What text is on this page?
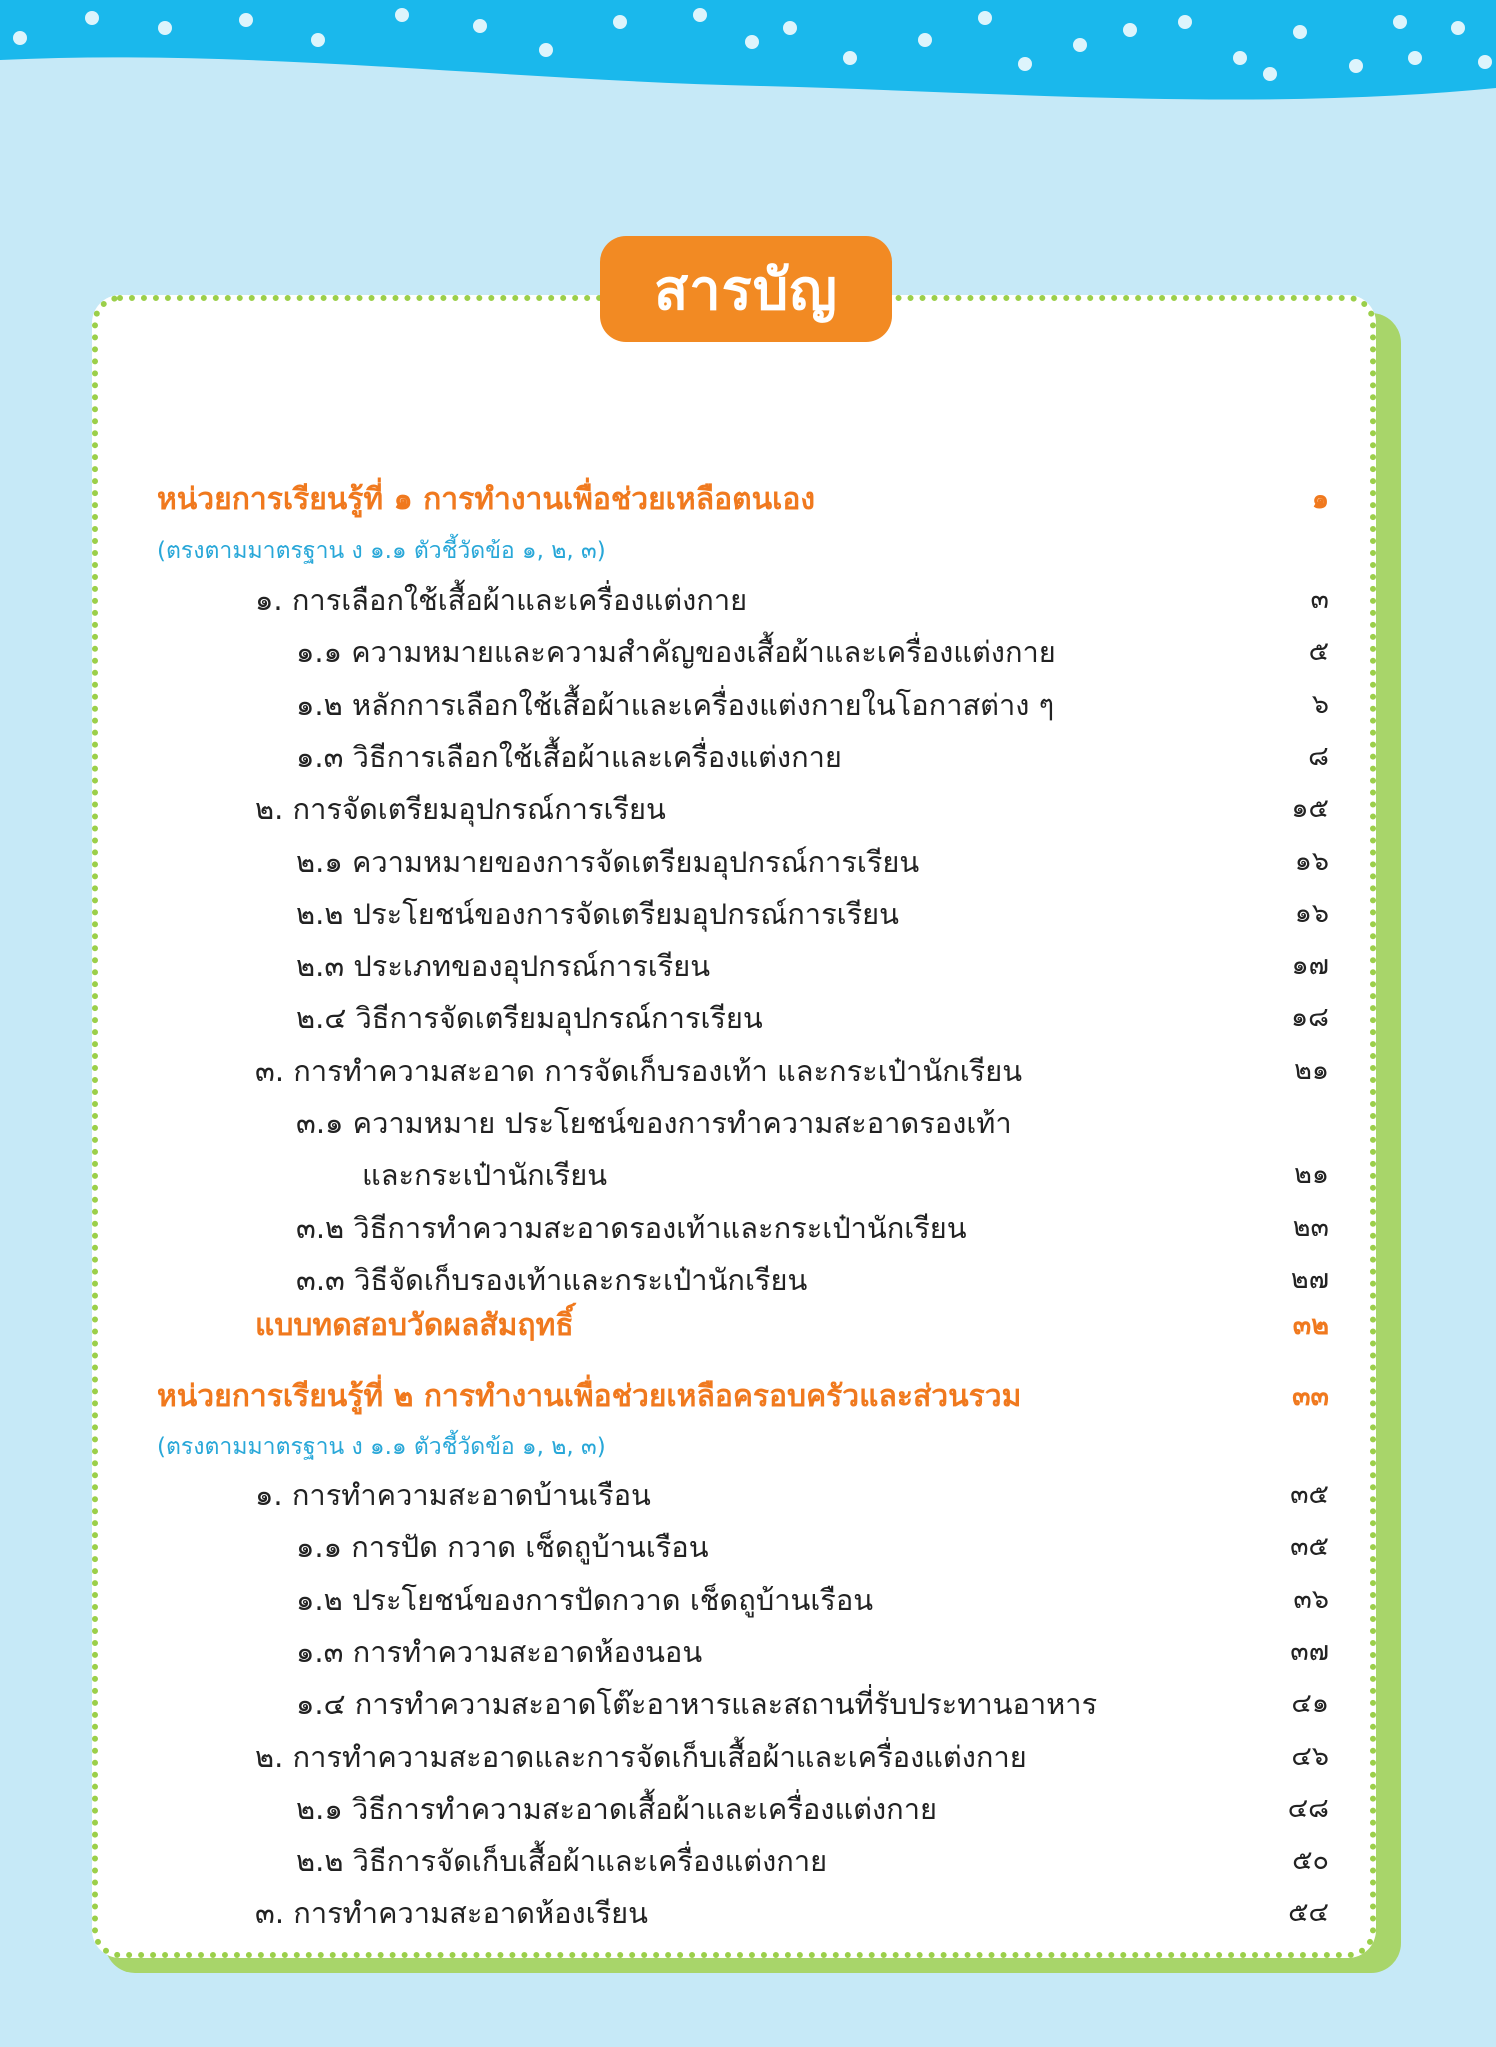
สารบัญ
หน่วยการเรียนรู้ที่ ๑ การทำงานเพื่อช่วยเหลือตนเอง	๑
(ตรงตามมาตรฐาน ง ๑.๑ ตัวชี้วัดข้อ ๑, ๒, ๓)
๑. การเลือกใช้เสื้อผ้าและเครื่องแต่งกาย	๓
๑.๑ ความหมายและความสำคัญของเสื้อผ้าและเครื่องแต่งกาย	๕
๑.๒ หลักการเลือกใช้เสื้อผ้าและเครื่องแต่งกายในโอกาสต่าง ๆ	๖
๑.๓ วิธีการเลือกใช้เสื้อผ้าและเครื่องแต่งกาย	๘
๒. การจัดเตรียมอุปกรณ์การเรียน	๑๕
๒.๑ ความหมายของการจัดเตรียมอุปกรณ์การเรียน	๑๖
๒.๒ ประโยชน์ของการจัดเตรียมอุปกรณ์การเรียน	๑๖
๒.๓ ประเภทของอุปกรณ์การเรียน	๑๗
๒.๔ วิธีการจัดเตรียมอุปกรณ์การเรียน	๑๘
๓. การทำความสะอาด การจัดเก็บรองเท้า และกระเป๋านักเรียน	๒๑
๓.๑ ความหมาย ประโยชน์ของการทำความสะอาดรองเท้า
และกระเป๋านักเรียน	๒๑
๓.๒ วิธีการทำความสะอาดรองเท้าและกระเป๋านักเรียน	๒๓
๓.๓ วิธีจัดเก็บรองเท้าและกระเป๋านักเรียน	๒๗
แบบทดสอบวัดผลสัมฤทธิ์	๓๒
หน่วยการเรียนรู้ที่ ๒ การทำงานเพื่อช่วยเหลือครอบครัวและส่วนรวม	๓๓
(ตรงตามมาตรฐาน ง ๑.๑ ตัวชี้วัดข้อ ๑, ๒, ๓)
๑. การทำความสะอาดบ้านเรือน	๓๕
๑.๑ การปัด กวาด เช็ดถูบ้านเรือน	๓๕
๑.๒ ประโยชน์ของการปัดกวาด เช็ดถูบ้านเรือน	๓๖
๑.๓ การทำความสะอาดห้องนอน	๓๗
๑.๔ การทำความสะอาดโต๊ะอาหารและสถานที่รับประทานอาหาร	๔๑
๒. การทำความสะอาดและการจัดเก็บเสื้อผ้าและเครื่องแต่งกาย	๔๖
๒.๑ วิธีการทำความสะอาดเสื้อผ้าและเครื่องแต่งกาย	๔๘
๒.๒ วิธีการจัดเก็บเสื้อผ้าและเครื่องแต่งกาย	๕๐
๓. การทำความสะอาดห้องเรียน	๕๔
